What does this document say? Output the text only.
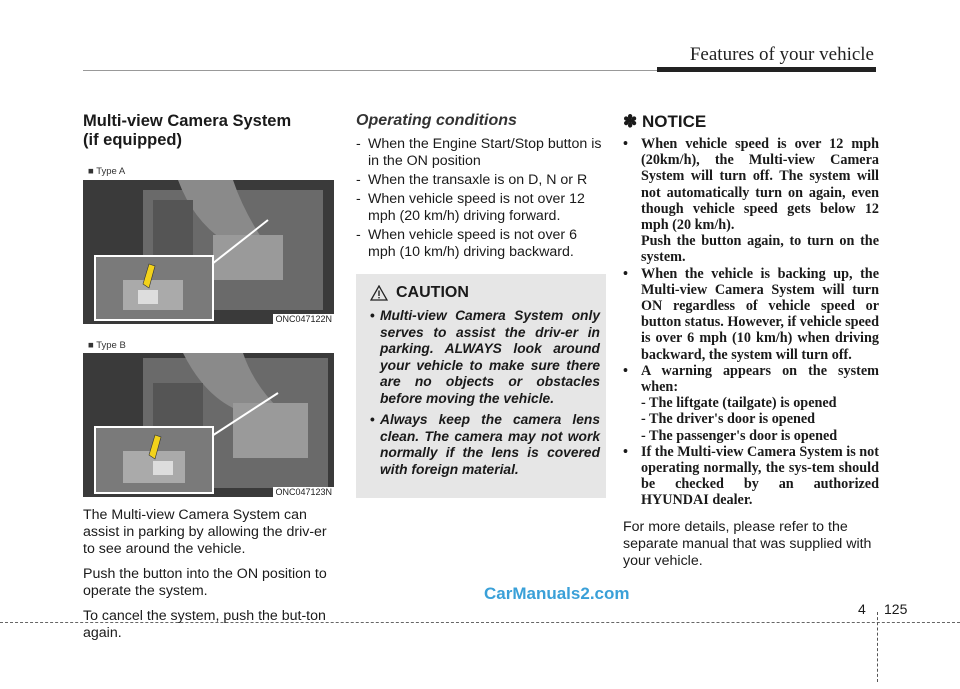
Features of your vehicle
Multi-view Camera System
(if equipped)
■ Type A
ONC047122N
■ Type B
ONC047123N

The Multi-view Camera System can assist in parking by allowing the driv-er to see around the vehicle.

Push the button into the ON position to operate the system.

To cancel the system, push the but-ton again.

Operating conditions
- When the Engine Start/Stop button is in the ON position
- When the transaxle is on D, N or R
- When vehicle speed is not over 12 mph (20 km/h) driving forward.
- When vehicle speed is not over 6 mph (10 km/h) driving backward.
CAUTION
• Multi-view Camera System only serves to assist the driv-er in parking. ALWAYS look around your vehicle to make sure there are no objects or obstacles before moving the vehicle.
• Always keep the camera lens clean. The camera may not work normally if the lens is covered with foreign material.
✽ NOTICE
• When vehicle speed is over 12 mph (20km/h), the Multi-view Camera System will turn off. The system will not automatically turn on again, even though vehicle speed gets below 12 mph (20 km/h).
Push the button again, to turn on the system.
• When the vehicle is backing up, the Multi-view Camera System will turn ON regardless of vehicle speed or button status. However, if vehicle speed is over 6 mph (10 km/h) when driving backward, the system will turn off.
• A warning appears on the system when:
- The liftgate (tailgate) is opened
- The driver's door is opened
- The passenger's door is opened
• If the Multi-view Camera System is not operating normally, the sys-tem should be checked by an authorized HYUNDAI dealer.
For more details, please refer to the separate manual that was supplied with your vehicle.
CarManuals2.com
4 125
